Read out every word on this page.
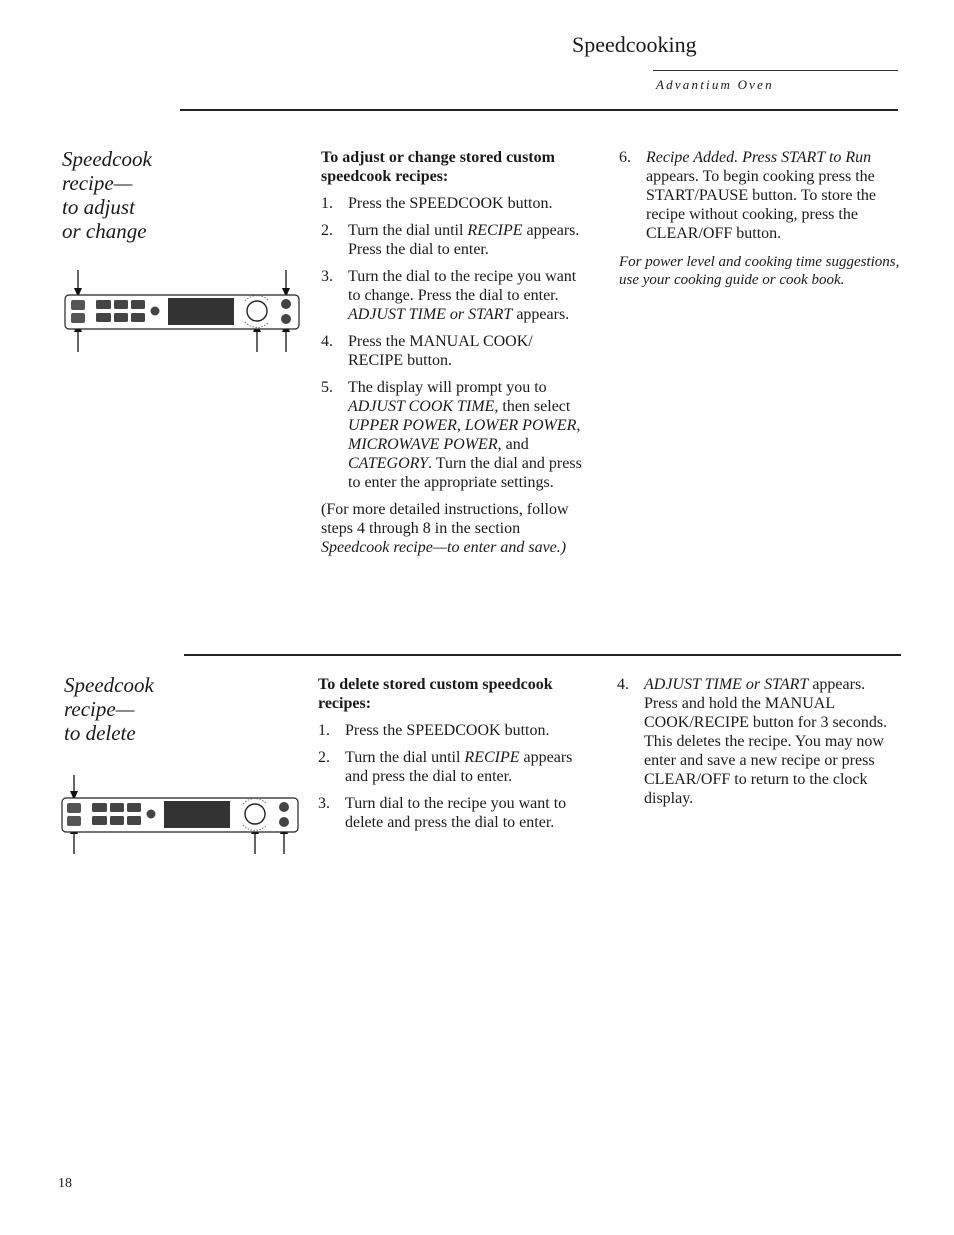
Speedcooking
Advantium Oven
Speedcook
recipe—
to adjust
or change
To adjust or change stored custom speedcook recipes:
1. Press the SPEEDCOOK button.
2. Turn the dial until RECIPE appears. Press the dial to enter.
3. Turn the dial to the recipe you want to change. Press the dial to enter. ADJUST TIME or START appears.
4. Press the MANUAL COOK/ RECIPE button.
5. The display will prompt you to ADJUST COOK TIME, then select UPPER POWER, LOWER POWER, MICROWAVE POWER, and CATEGORY. Turn the dial and press to enter the appropriate settings.
(For more detailed instructions, follow steps 4 through 8 in the section Speedcook recipe—to enter and save.)
6. Recipe Added. Press START to Run appears. To begin cooking press the START/PAUSE button. To store the recipe without cooking, press the CLEAR/OFF button.
For power level and cooking time suggestions, use your cooking guide or cook book.
Speedcook
recipe—
to delete
To delete stored custom speedcook recipes:
1. Press the SPEEDCOOK button.
2. Turn the dial until RECIPE appears and press the dial to enter.
3. Turn dial to the recipe you want to delete and press the dial to enter.
4. ADJUST TIME or START appears. Press and hold the MANUAL COOK/RECIPE button for 3 seconds. This deletes the recipe. You may now enter and save a new recipe or press CLEAR/OFF to return to the clock display.
18
